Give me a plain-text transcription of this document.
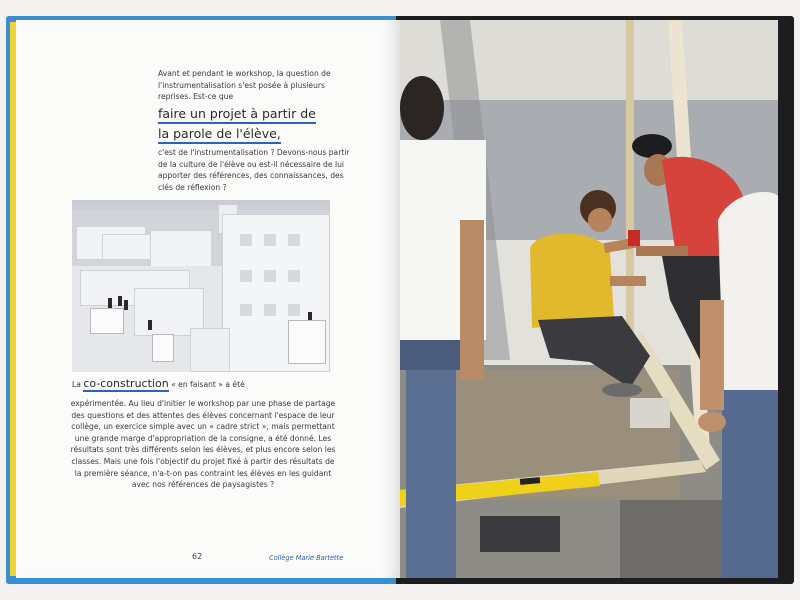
Avant et pendant le workshop, la question de l'instrumentalisation s'est posée à plusieurs reprises. Est-ce que

faire un projet à partir de
la parole de l'élève,

c'est de l'instrumentalisation ? Devons-nous partir de la culture de l'élève ou est-il nécessaire de lui apporter des références, des connaissances, des clés de réflexion ?

La co-construction « en faisant » a été

expérimentée. Au lieu d'initier le workshop par une phase de partage des questions et des attentes des élèves concernant l'espace de leur collège, un exercice simple avec un « cadre strict », mais permettant une grande marge d'appropriation de la consigne, a été donné. Les résultats sont très différents selon les élèves, et plus encore selon les classes. Mais une fois l'objectif du projet fixé à partir des résultats de la première séance, n'a-t-on pas contraint les élèves en les guidant avec nos références de paysagistes ?

62	Collège Marie Bartette
